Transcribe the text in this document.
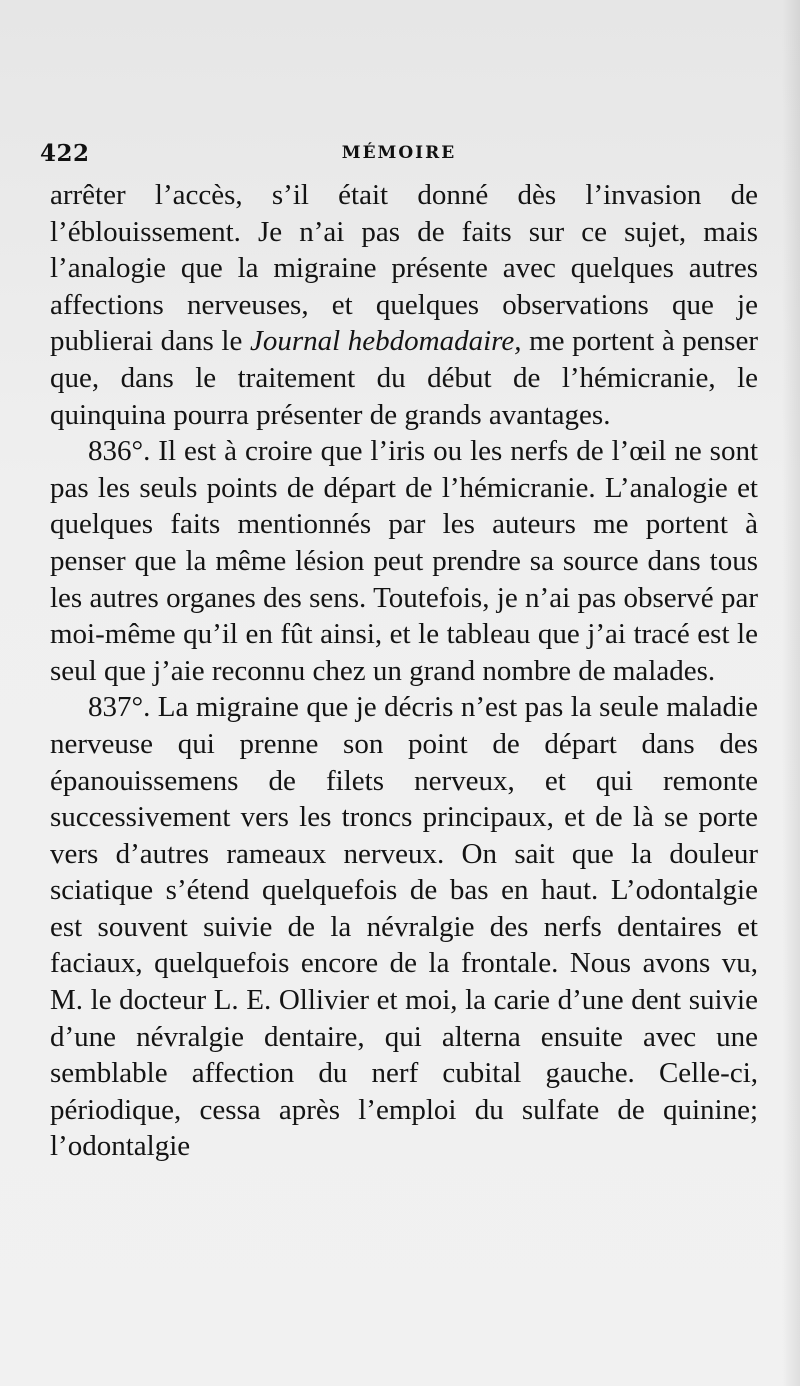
422	MÉMOIRE

arrêter l’accès, s’il était donné dès l’invasion de l’éblouissement. Je n’ai pas de faits sur ce sujet, mais l’analogie que la migraine présente avec quelques autres affections nerveuses, et quelques observations que je publierai dans le Journal hebdomadaire, me portent à penser que, dans le traitement du début de l’hémicranie, le quinquina pourra présenter de grands avantages.

836°. Il est à croire que l’iris ou les nerfs de l’œil ne sont pas les seuls points de départ de l’hémicranie. L’analogie et quelques faits mentionnés par les auteurs me portent à penser que la même lésion peut prendre sa source dans tous les autres organes des sens. Toutefois, je n’ai pas observé par moi-même qu’il en fût ainsi, et le tableau que j’ai tracé est le seul que j’aie reconnu chez un grand nombre de malades.

837°. La migraine que je décris n’est pas la seule maladie nerveuse qui prenne son point de départ dans des épanouissemens de filets nerveux, et qui remonte successivement vers les troncs principaux, et de là se porte vers d’autres rameaux nerveux. On sait que la douleur sciatique s’étend quelquefois de bas en haut. L’odontalgie est souvent suivie de la névralgie des nerfs dentaires et faciaux, quelquefois encore de la frontale. Nous avons vu, M. le docteur L. E. Ollivier et moi, la carie d’une dent suivie d’une névralgie dentaire, qui alterna ensuite avec une semblable affection du nerf cubital gauche. Celle-ci, périodique, cessa après l’emploi du sulfate de quinine; l’odontalgie
